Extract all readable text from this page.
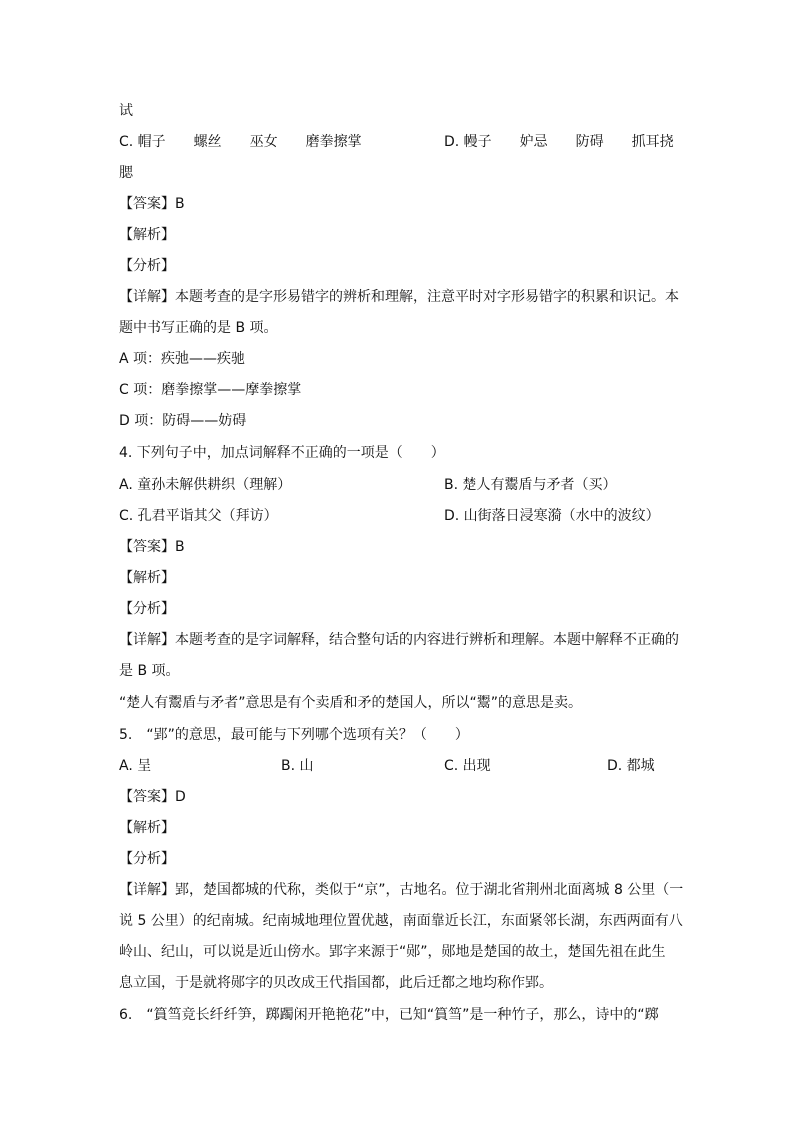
试
C. 帽子　　螺丝　　巫女　　磨拳擦掌	D. 幔子　　妒忌　　防碍　　抓耳挠
腮
【答案】B
【解析】
【分析】
【详解】本题考查的是字形易错字的辨析和理解，注意平时对字形易错字的积累和识记。本
题中书写正确的是 B 项。
A 项：疾弛——疾驰
C 项：磨拳擦掌——摩拳擦掌
D 项：防碍——妨碍
4. 下列句子中，加点词解释不正确的一项是（　　）
A. 童孙未解供耕织（理解）	B. 楚人有鬻盾与矛者（买）
C. 孔君平诣其父（拜访）	D. 山街落日浸寒漪（水中的波纹）
【答案】B
【解析】
【分析】
【详解】本题考查的是字词解释，结合整句话的内容进行辨析和理解。本题中解释不正确的
是 B 项。
“楚人有鬻盾与矛者”意思是有个卖盾和矛的楚国人，所以“鬻”的意思是卖。
5.　“郢”的意思，最可能与下列哪个选项有关？（　　）
A. 呈	B. 山	C. 出现	D. 都城
【答案】D
【解析】
【分析】
【详解】郢，楚国都城的代称，类似于“京”，古地名。位于湖北省荆州北面离城 8 公里（一
说 5 公里）的纪南城。纪南城地理位置优越，南面靠近长江，东面紧邻长湖，东西两面有八
岭山、纪山，可以说是近山傍水。郢字来源于“郧”，郧地是楚国的故土，楚国先祖在此生
息立国，于是就将郧字的贝改成王代指国都，此后迁都之地均称作郢。
6.　“篔筜竞长纤纤笋，踯躅闲开艳艳花”中，已知“篔筜”是一种竹子，那么，诗中的“踯
